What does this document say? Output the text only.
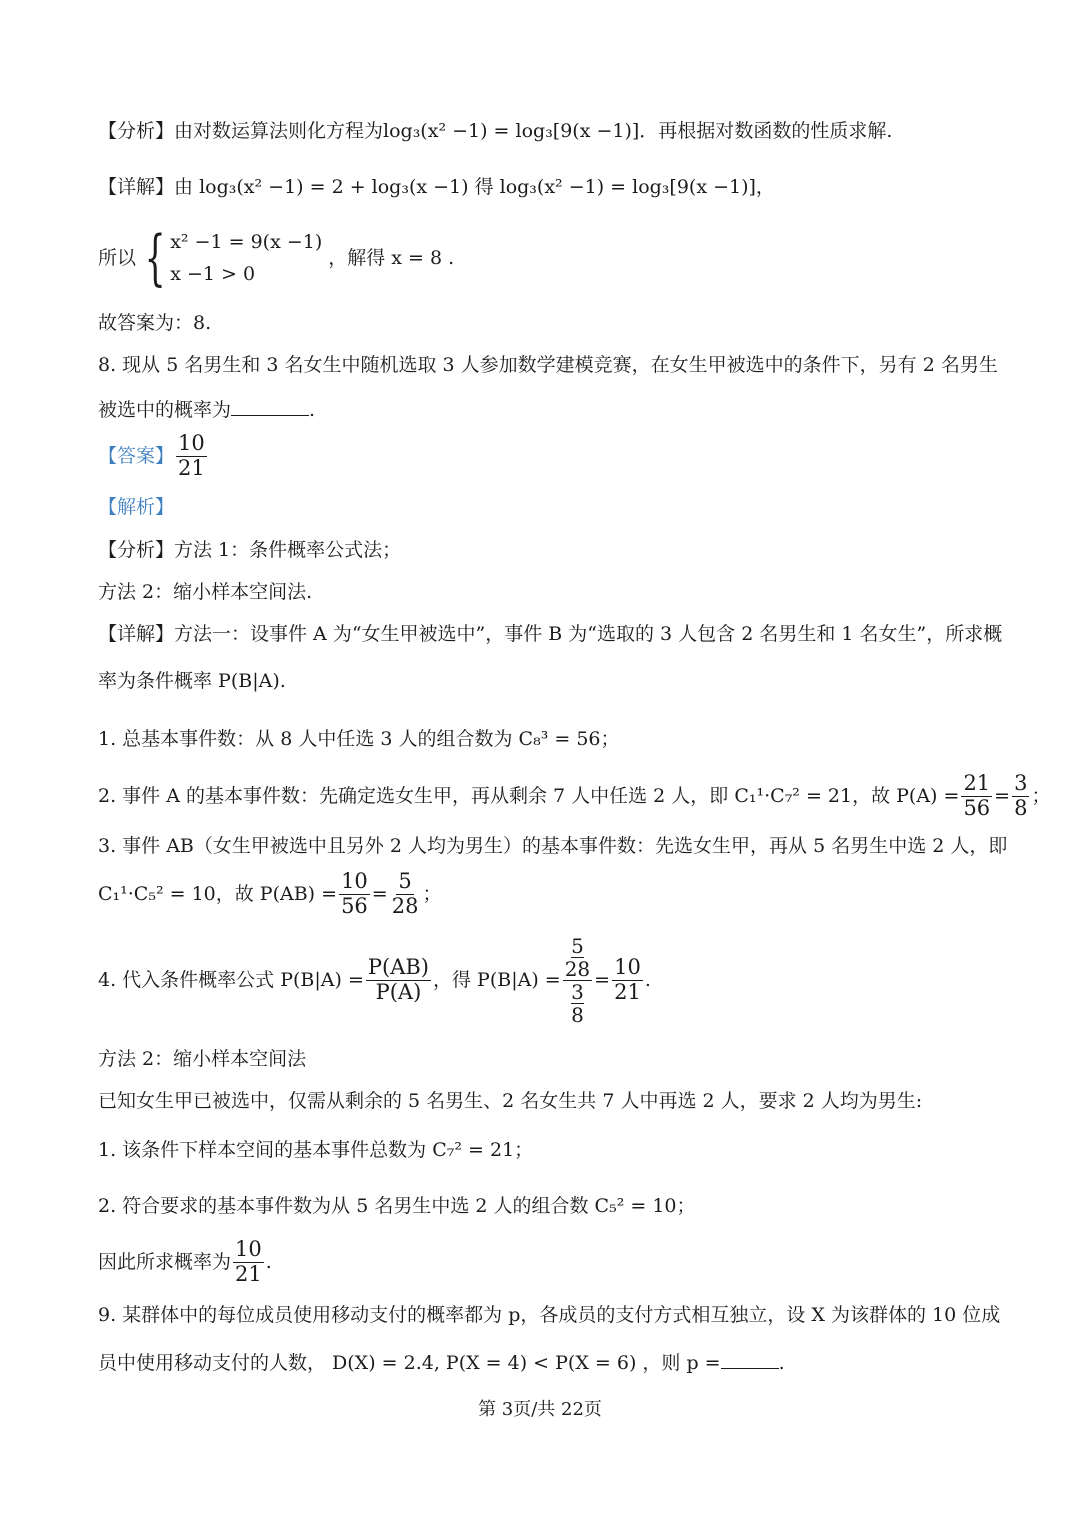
【分析】由对数运算法则化方程为log₃(x² −1) = log₃[9(x −1)]．再根据对数函数的性质求解.
【详解】由 log₃(x² −1) = 2 + log₃(x −1) 得 log₃(x² −1) = log₃[9(x −1)]，
所以 { x² −1 = 9(x −1)
x −1 > 0
，解得 x = 8 .
故答案为：8.
8. 现从 5 名男生和 3 名女生中随机选取 3 人参加数学建模竞赛，在女生甲被选中的条件下，另有 2 名男生
被选中的概率为	.
【答案】 $\frac{10}{21}$
【解析】
【分析】方法 1：条件概率公式法；
方法 2：缩小样本空间法.
【详解】方法一：设事件 A 为“女生甲被选中”，事件 B 为“选取的 3 人包含 2 名男生和 1 名女生”，所求概
率为条件概率 P(B|A).
1. 总基本事件数：从 8 人中任选 3 人的组合数为 C₈³ = 56；
2. 事件 A 的基本事件数：先确定选女生甲，再从剩余 7 人中任选 2 人，即 C₁¹·C₇² = 21，故 $P(A) = \frac{21}{56} = \frac{3}{8}$ ；
3. 事件 AB（女生甲被选中且另外 2 人均为男生）的基本事件数：先选女生甲，再从 5 名男生中选 2 人，即
C₁¹·C₅² = 10，故 $P(AB) = \frac{10}{56} = \frac{5}{28}$ ；
4. 代入条件概率公式 $P(B|A) = \frac{P(AB)}{P(A)}$ ，得 $P(B|A) = \frac{\frac{5}{28}}{\frac{3}{8}} = \frac{10}{21}$ .
方法 2：缩小样本空间法
已知女生甲已被选中，仅需从剩余的 5 名男生、2 名女生共 7 人中再选 2 人，要求 2 人均为男生:
1. 该条件下样本空间的基本事件总数为 C₇² = 21；
2. 符合要求的基本事件数为从 5 名男生中选 2 人的组合数 C₅² = 10；
因此所求概率为 $\frac{10}{21}$ .
9. 某群体中的每位成员使用移动支付的概率都为 p，各成员的支付方式相互独立，设 X 为该群体的 10 位成
员中使用移动支付的人数， D(X) = 2.4, P(X = 4) < P(X = 6) ，则 p =	.
第 3页/共 22页
